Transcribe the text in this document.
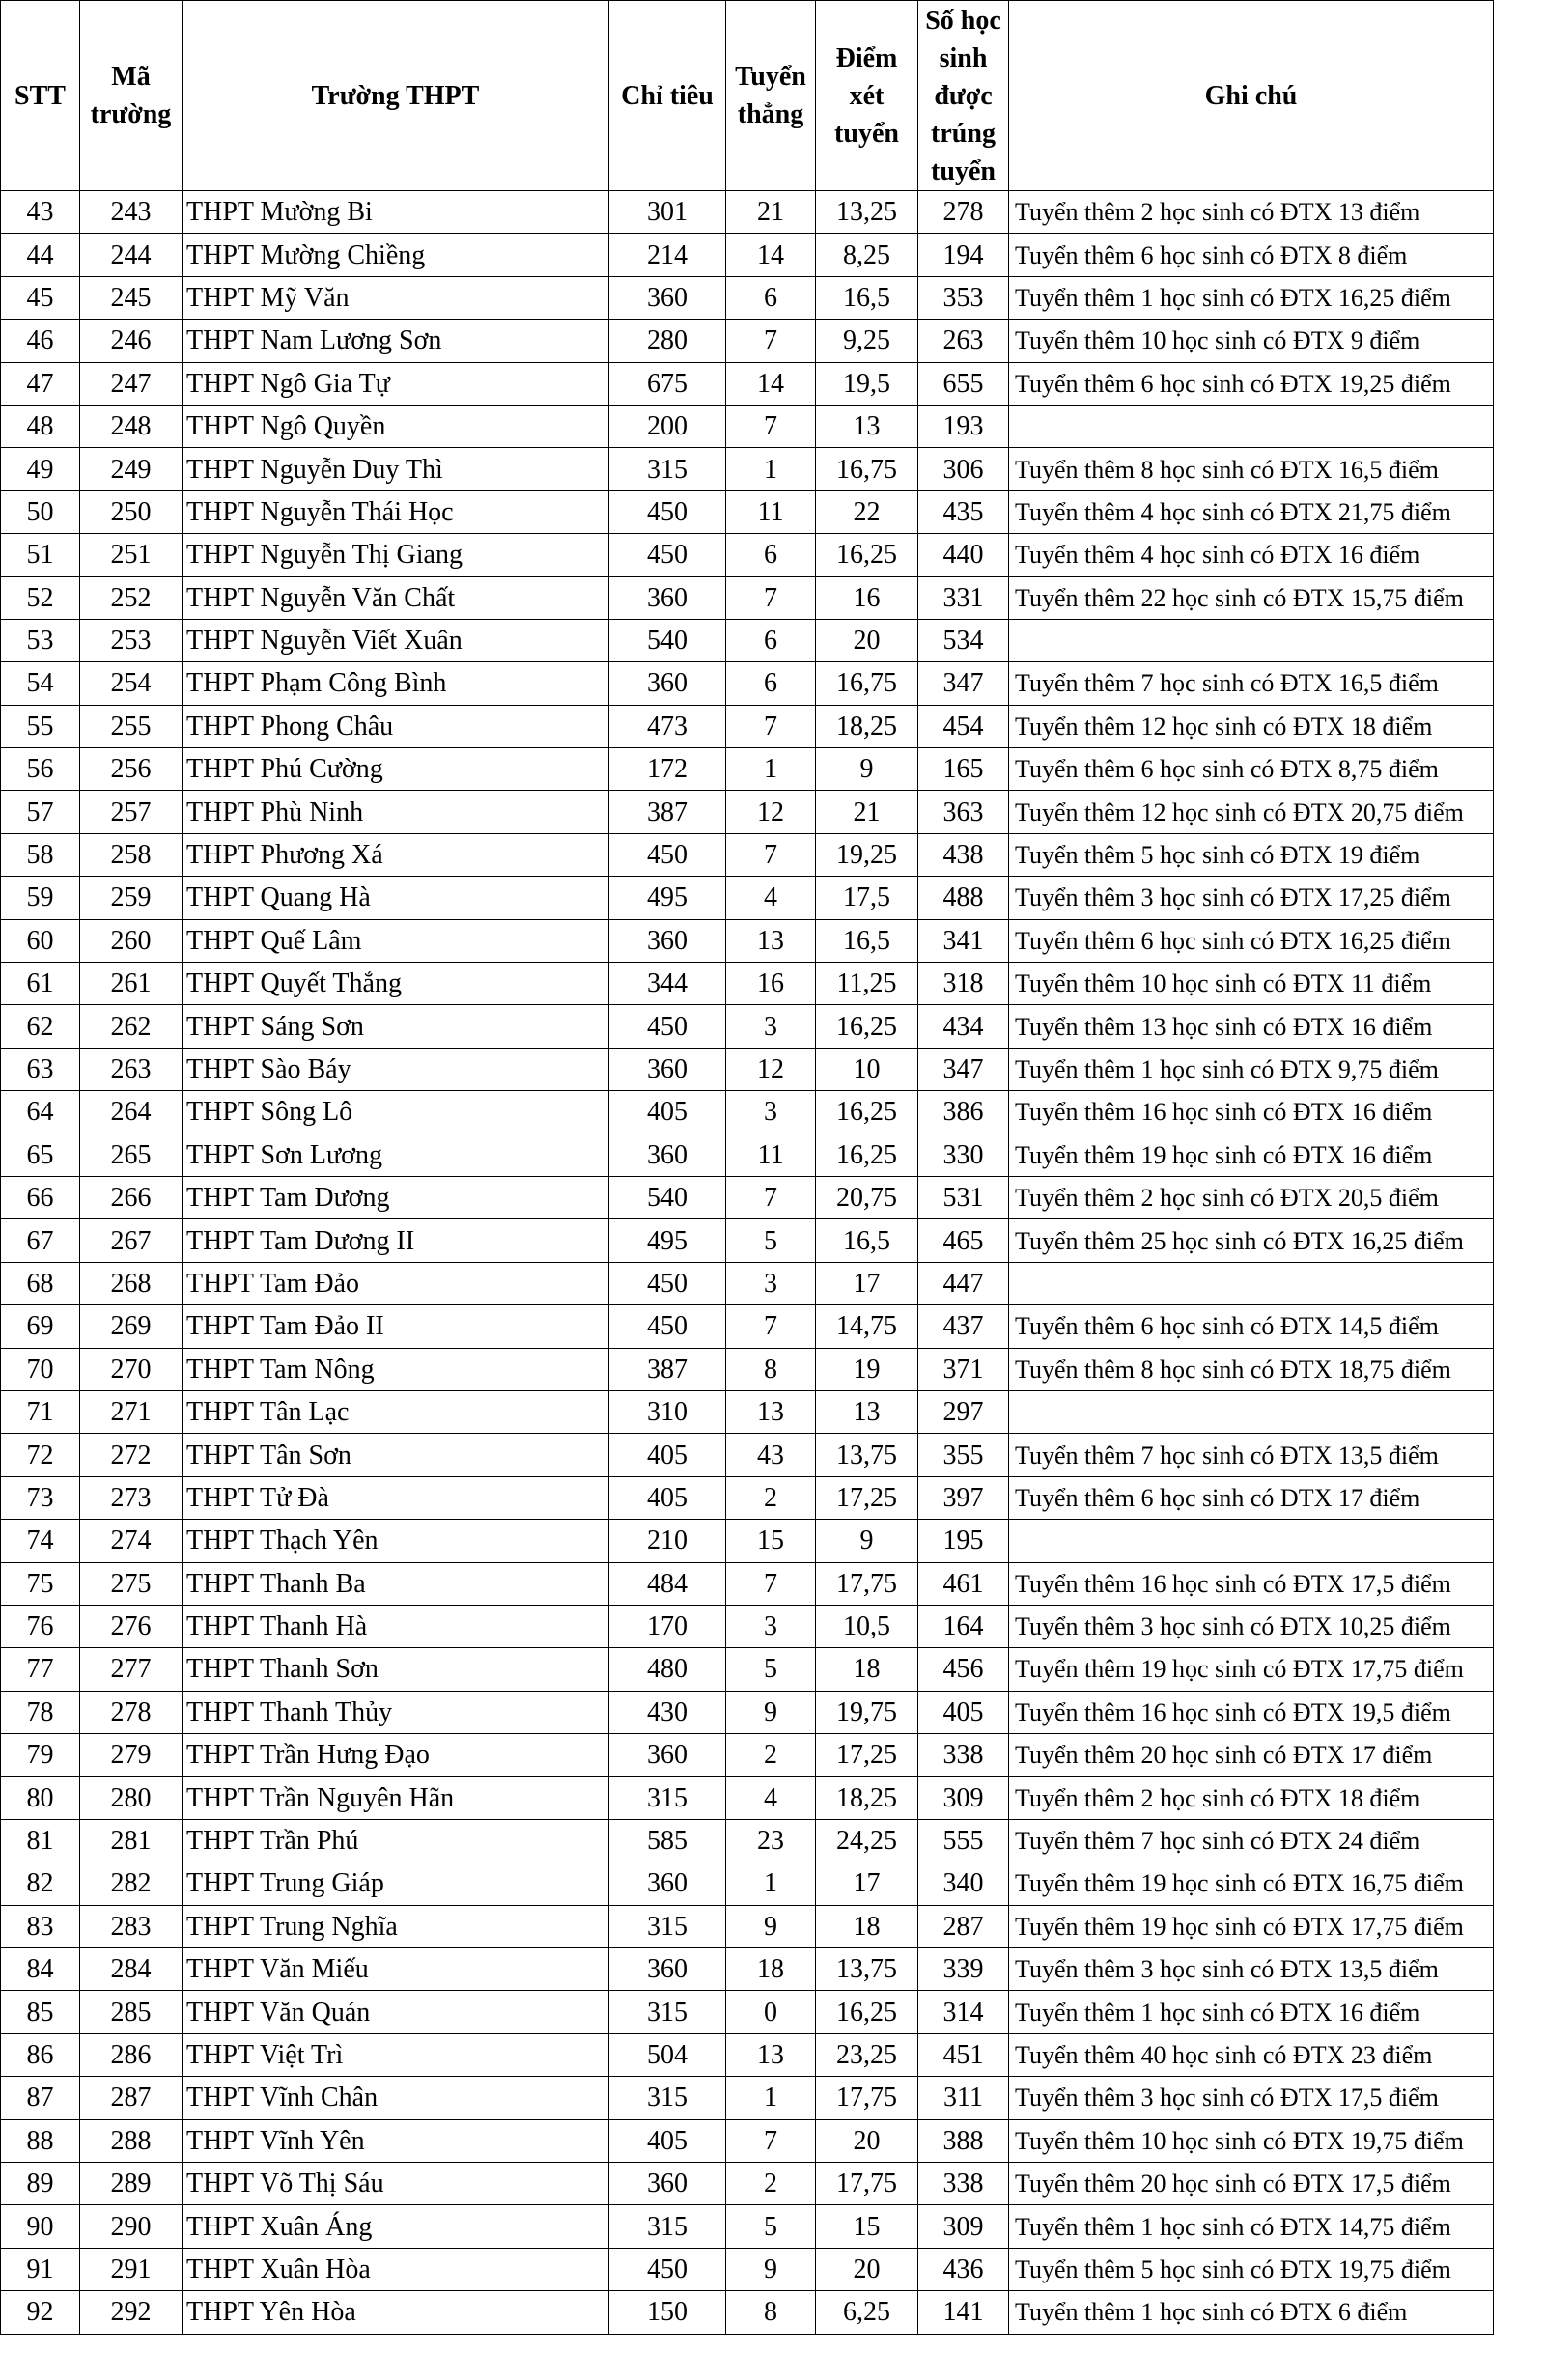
STT	Mã trường	Trường THPT	Chỉ tiêu	Tuyển thẳng	Điểm xét tuyển	Số học sinh được trúng tuyển	Ghi chú
43	243	THPT Mường Bi	301	21	13,25	278	Tuyển thêm 2 học sinh có ĐTX 13 điểm
44	244	THPT Mường Chiềng	214	14	8,25	194	Tuyển thêm 6 học sinh có ĐTX 8 điểm
45	245	THPT Mỹ Văn	360	6	16,5	353	Tuyển thêm 1 học sinh có ĐTX 16,25 điểm
46	246	THPT Nam Lương Sơn	280	7	9,25	263	Tuyển thêm 10 học sinh có ĐTX 9 điểm
47	247	THPT Ngô Gia Tự	675	14	19,5	655	Tuyển thêm 6 học sinh có ĐTX 19,25 điểm
48	248	THPT Ngô Quyền	200	7	13	193	
49	249	THPT Nguyễn Duy Thì	315	1	16,75	306	Tuyển thêm 8 học sinh có ĐTX 16,5 điểm
50	250	THPT Nguyễn Thái Học	450	11	22	435	Tuyển thêm 4 học sinh có ĐTX 21,75 điểm
51	251	THPT Nguyễn Thị Giang	450	6	16,25	440	Tuyển thêm 4 học sinh có ĐTX 16 điểm
52	252	THPT Nguyễn Văn Chất	360	7	16	331	Tuyển thêm 22 học sinh có ĐTX 15,75 điểm
53	253	THPT Nguyễn Viết Xuân	540	6	20	534	
54	254	THPT Phạm Công Bình	360	6	16,75	347	Tuyển thêm 7 học sinh có ĐTX 16,5 điểm
55	255	THPT Phong Châu	473	7	18,25	454	Tuyển thêm 12 học sinh có ĐTX 18 điểm
56	256	THPT Phú Cường	172	1	9	165	Tuyển thêm 6 học sinh có ĐTX 8,75 điểm
57	257	THPT Phù Ninh	387	12	21	363	Tuyển thêm 12 học sinh có ĐTX 20,75 điểm
58	258	THPT Phương Xá	450	7	19,25	438	Tuyển thêm 5 học sinh có ĐTX 19 điểm
59	259	THPT Quang Hà	495	4	17,5	488	Tuyển thêm 3 học sinh có ĐTX 17,25 điểm
60	260	THPT Quế Lâm	360	13	16,5	341	Tuyển thêm 6 học sinh có ĐTX 16,25 điểm
61	261	THPT Quyết Thắng	344	16	11,25	318	Tuyển thêm 10 học sinh có ĐTX 11 điểm
62	262	THPT Sáng Sơn	450	3	16,25	434	Tuyển thêm 13 học sinh có ĐTX 16 điểm
63	263	THPT Sào Báy	360	12	10	347	Tuyển thêm 1 học sinh có ĐTX 9,75 điểm
64	264	THPT Sông Lô	405	3	16,25	386	Tuyển thêm 16 học sinh có ĐTX 16 điểm
65	265	THPT Sơn Lương	360	11	16,25	330	Tuyển thêm 19 học sinh có ĐTX 16 điểm
66	266	THPT Tam Dương	540	7	20,75	531	Tuyển thêm 2 học sinh có ĐTX 20,5 điểm
67	267	THPT Tam Dương II	495	5	16,5	465	Tuyển thêm 25 học sinh có ĐTX 16,25 điểm
68	268	THPT Tam Đảo	450	3	17	447	
69	269	THPT Tam Đảo II	450	7	14,75	437	Tuyển thêm 6 học sinh có ĐTX 14,5 điểm
70	270	THPT Tam Nông	387	8	19	371	Tuyển thêm 8 học sinh có ĐTX 18,75 điểm
71	271	THPT Tân Lạc	310	13	13	297	
72	272	THPT Tân Sơn	405	43	13,75	355	Tuyển thêm 7 học sinh có ĐTX 13,5 điểm
73	273	THPT Tử Đà	405	2	17,25	397	Tuyển thêm 6 học sinh có ĐTX 17 điểm
74	274	THPT Thạch Yên	210	15	9	195	
75	275	THPT Thanh Ba	484	7	17,75	461	Tuyển thêm 16 học sinh có ĐTX 17,5 điểm
76	276	THPT Thanh Hà	170	3	10,5	164	Tuyển thêm 3 học sinh có ĐTX 10,25 điểm
77	277	THPT Thanh Sơn	480	5	18	456	Tuyển thêm 19 học sinh có ĐTX 17,75 điểm
78	278	THPT Thanh Thủy	430	9	19,75	405	Tuyển thêm 16 học sinh có ĐTX 19,5 điểm
79	279	THPT Trần Hưng Đạo	360	2	17,25	338	Tuyển thêm 20 học sinh có ĐTX 17 điểm
80	280	THPT Trần Nguyên Hãn	315	4	18,25	309	Tuyển thêm 2 học sinh có ĐTX 18 điểm
81	281	THPT Trần Phú	585	23	24,25	555	Tuyển thêm 7 học sinh có ĐTX 24 điểm
82	282	THPT Trung Giáp	360	1	17	340	Tuyển thêm 19 học sinh có ĐTX 16,75 điểm
83	283	THPT Trung Nghĩa	315	9	18	287	Tuyển thêm 19 học sinh có ĐTX 17,75 điểm
84	284	THPT Văn Miếu	360	18	13,75	339	Tuyển thêm 3 học sinh có ĐTX 13,5 điểm
85	285	THPT Văn Quán	315	0	16,25	314	Tuyển thêm 1 học sinh có ĐTX 16 điểm
86	286	THPT Việt Trì	504	13	23,25	451	Tuyển thêm 40 học sinh có ĐTX 23 điểm
87	287	THPT Vĩnh Chân	315	1	17,75	311	Tuyển thêm 3 học sinh có ĐTX 17,5 điểm
88	288	THPT Vĩnh Yên	405	7	20	388	Tuyển thêm 10 học sinh có ĐTX 19,75 điểm
89	289	THPT Võ Thị Sáu	360	2	17,75	338	Tuyển thêm 20 học sinh có ĐTX 17,5 điểm
90	290	THPT Xuân Áng	315	5	15	309	Tuyển thêm 1 học sinh có ĐTX 14,75 điểm
91	291	THPT Xuân Hòa	450	9	20	436	Tuyển thêm 5 học sinh có ĐTX 19,75 điểm
92	292	THPT Yên Hòa	150	8	6,25	141	Tuyển thêm 1 học sinh có ĐTX 6 điểm
